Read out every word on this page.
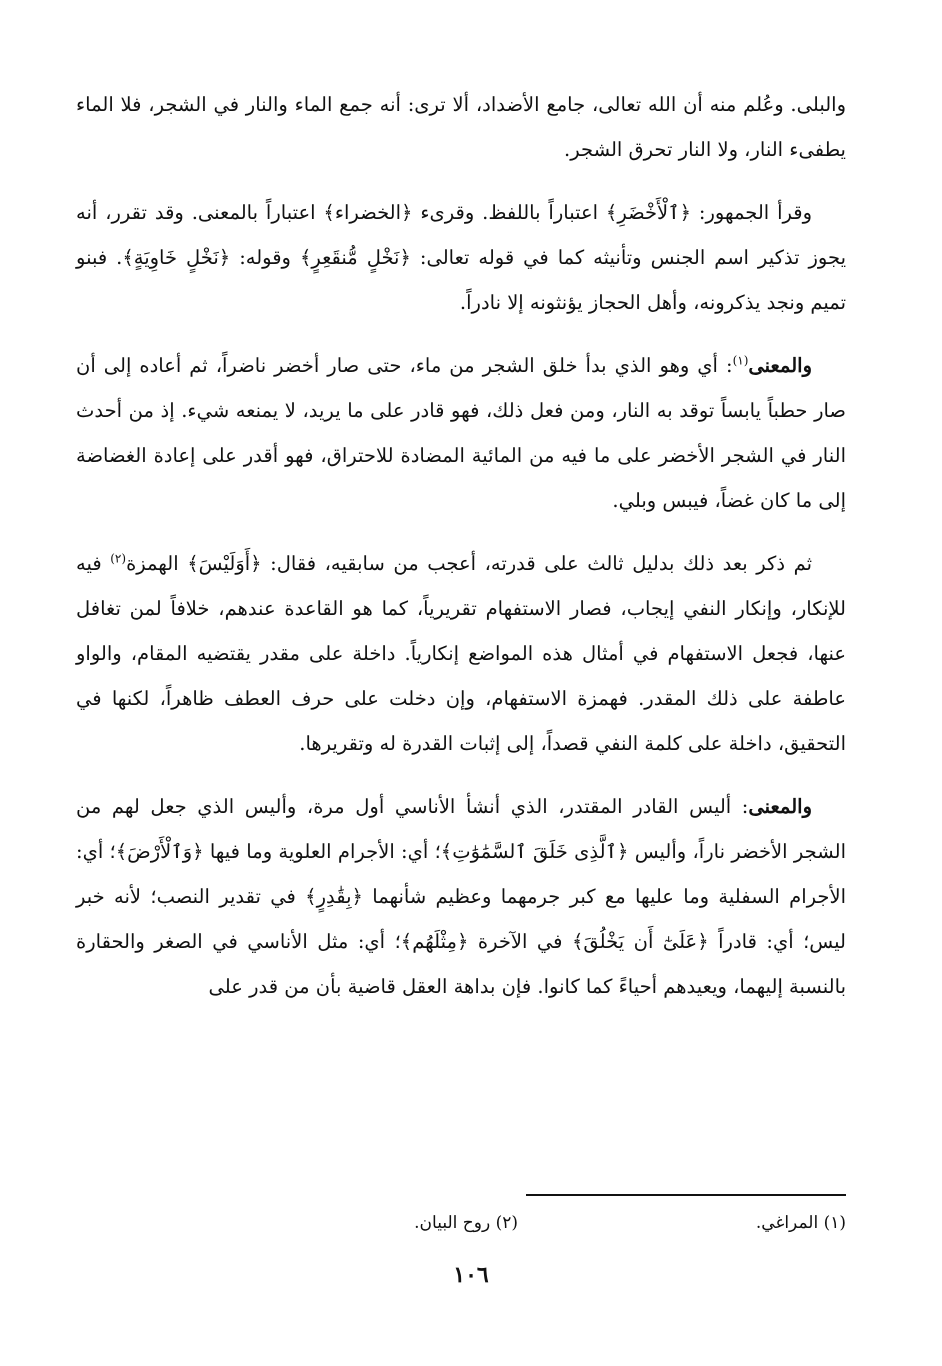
والبلى. وعُلم منه أن الله تعالى، جامع الأضداد، ألا ترى: أنه جمع الماء والنار في الشجر، فلا الماء يطفىء النار، ولا النار تحرق الشجر.

وقرأ الجمهور: ﴿ٱلْأَخْضَرِ﴾ اعتباراً باللفظ. وقرىء ﴿الخضراء﴾ اعتباراً بالمعنى. وقد تقرر، أنه يجوز تذكير اسم الجنس وتأنيثه كما في قوله تعالى: ﴿نَخْلٍ مُّنقَعِرٍ﴾ وقوله: ﴿نَخْلٍ خَاوِيَةٍ﴾. فبنو تميم ونجد يذكرونه، وأهل الحجاز يؤنثونه إلا نادراً.

والمعنى$^{(١)}$: أي وهو الذي بدأ خلق الشجر من ماء، حتى صار أخضر ناضراً، ثم أعاده إلى أن صار حطباً يابساً توقد به النار، ومن فعل ذلك، فهو قادر على ما يريد، لا يمنعه شيء. إذ من أحدث النار في الشجر الأخضر على ما فيه من المائية المضادة للاحتراق، فهو أقدر على إعادة الغضاضة إلى ما كان غضاً، فيبس وبلي.

ثم ذكر بعد ذلك بدليل ثالث على قدرته، أعجب من سابقيه، فقال: ﴿أَوَلَيْسَ﴾ الهمزة$^{(٢)}$ فيه للإنكار، وإنكار النفي إيجاب، فصار الاستفهام تقريرياً، كما هو القاعدة عندهم، خلافاً لمن تغافل عنها، فجعل الاستفهام في أمثال هذه المواضع إنكارياً. داخلة على مقدر يقتضيه المقام، والواو عاطفة على ذلك المقدر. فهمزة الاستفهام، وإن دخلت على حرف العطف ظاهراً، لكنها في التحقيق، داخلة على كلمة النفي قصداً، إلى إثبات القدرة له وتقريرها.

والمعنى: أليس القادر المقتدر، الذي أنشأ الأناسي أول مرة، وأليس الذي جعل لهم من الشجر الأخضر ناراً، وأليس ﴿ٱلَّذِى خَلَقَ ٱلسَّمَٰوَٰتِ﴾؛ أي: الأجرام العلوية وما فيها ﴿وَٱلْأَرْضَ﴾؛ أي: الأجرام السفلية وما عليها مع كبر جرمهما وعظيم شأنهما ﴿بِقَٰدِرٍ﴾ في تقدير النصب؛ لأنه خبر ليس؛ أي: قادراً ﴿عَلَىٰٓ أَن يَخْلُقَ﴾ في الآخرة ﴿مِثْلَهُم﴾؛ أي: مثل الأناسي في الصغر والحقارة بالنسبة إليهما، ويعيدهم أحياءً كما كانوا. فإن بداهة العقل قاضية بأن من قدر على

(١) المراغي.
(٢) روح البيان.
١٠٦
